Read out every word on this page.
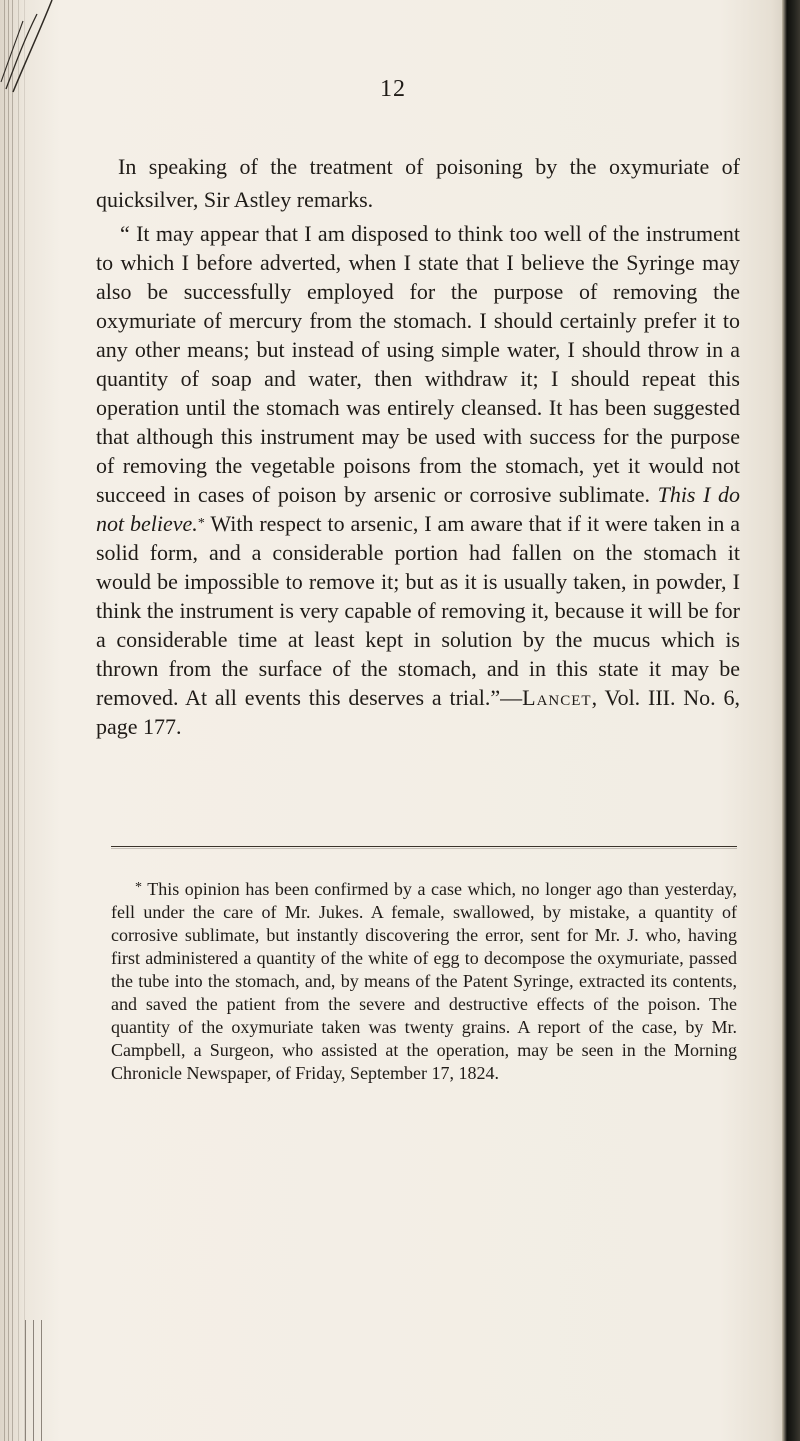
12

In speaking of the treatment of poisoning by the oxymuriate of quicksilver, Sir Astley remarks.

“ It may appear that I am disposed to think too well of the instrument to which I before adverted, when I state that I believe the Syringe may also be successfully employed for the purpose of removing the oxymuriate of mercury from the stomach. I should certainly prefer it to any other means; but instead of using simple water, I should throw in a quantity of soap and water, then withdraw it; I should repeat this operation until the stomach was entirely cleansed. It has been suggested that although this instrument may be used with success for the purpose of removing the vegetable poisons from the stomach, yet it would not succeed in cases of poison by arsenic or corrosive sublimate. This I do not believe.* With respect to arsenic, I am aware that if it were taken in a solid form, and a considerable portion had fallen on the stomach it would be impossible to remove it; but as it is usually taken, in powder, I think the instrument is very capable of removing it, because it will be for a considerable time at least kept in solution by the mucus which is thrown from the surface of the stomach, and in this state it may be removed. At all events this deserves a trial.”—Lancet, Vol. III. No. 6, page 177.

* This opinion has been confirmed by a case which, no longer ago than yesterday, fell under the care of Mr. Jukes. A female, swallowed, by mistake, a quantity of corrosive sublimate, but instantly discovering the error, sent for Mr. J. who, having first administered a quantity of the white of egg to decompose the oxymuriate, passed the tube into the stomach, and, by means of the Patent Syringe, extracted its contents, and saved the patient from the severe and destructive effects of the poison. The quantity of the oxymuriate taken was twenty grains. A report of the case, by Mr. Campbell, a Surgeon, who assisted at the operation, may be seen in the Morning Chronicle Newspaper, of Friday, September 17, 1824.
